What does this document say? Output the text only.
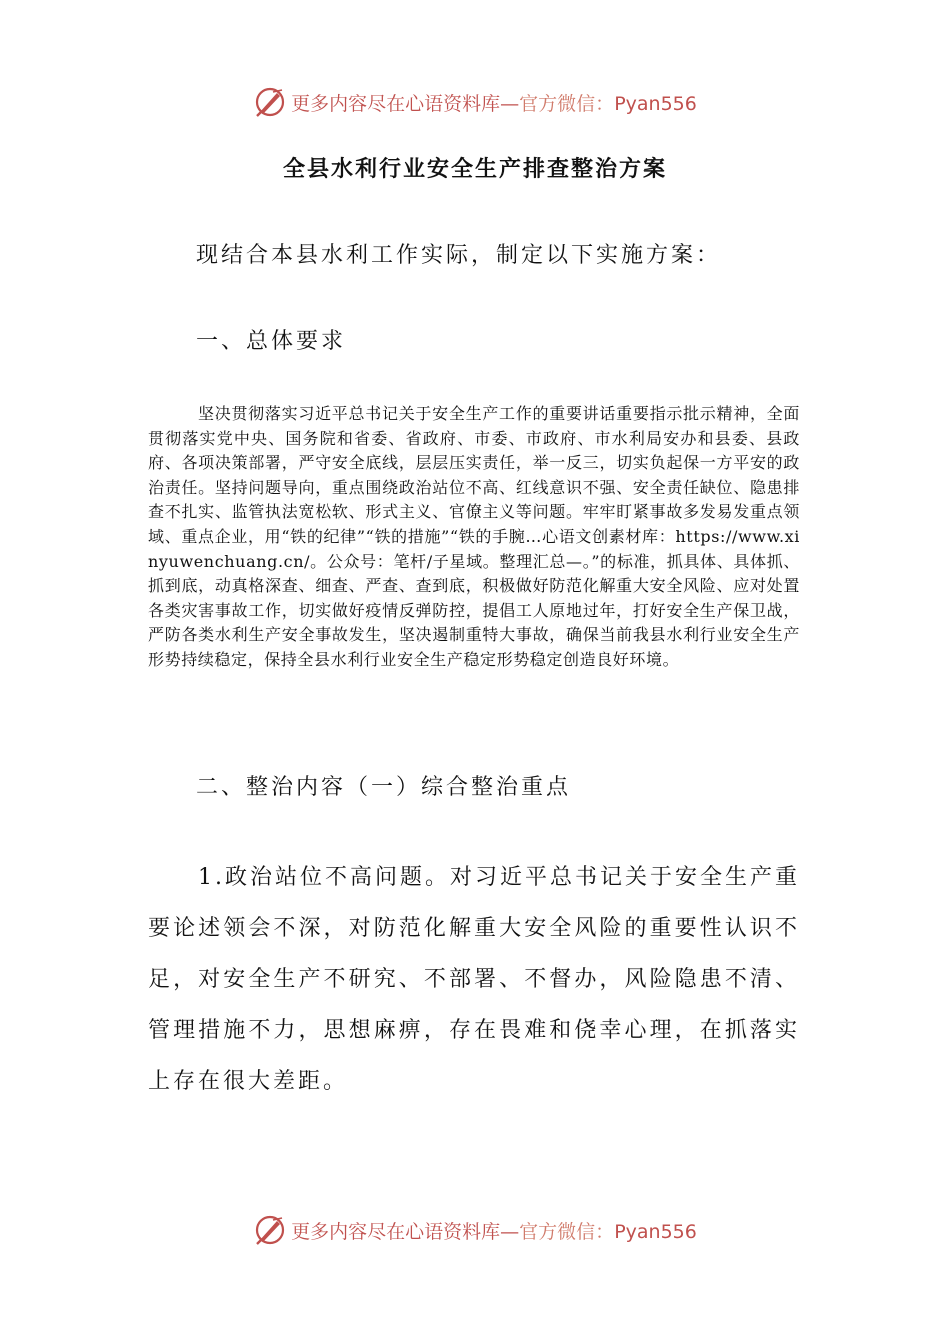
更多内容尽在心语资料库—官方微信：Pyan556
全县水利行业安全生产排查整治方案
现结合本县水利工作实际，制定以下实施方案：
一、总体要求
坚决贯彻落实习近平总书记关于安全生产工作的重要讲话重要指示批示精神，全面贯彻落实党中央、国务院和省委、省政府、市委、市政府、市水利局安办和县委、县政府、各项决策部署，严守安全底线，层层压实责任，举一反三，切实负起保一方平安的政治责任。坚持问题导向，重点围绕政治站位不高、红线意识不强、安全责任缺位、隐患排查不扎实、监管执法宽松软、形式主义、官僚主义等问题。牢牢盯紧事故多发易发重点领域、重点企业，用“铁的纪律”“铁的措施”“铁的手腕…心语文创素材库：https://www.xinyuwenchuang.cn/。公众号：笔杆/子星域。整理汇总—。”的标准，抓具体、具体抓、抓到底，动真格深查、细查、严查、查到底，积极做好防范化解重大安全风险、应对处置各类灾害事故工作，切实做好疫情反弹防控，提倡工人原地过年，打好安全生产保卫战，严防各类水利生产安全事故发生，坚决遏制重特大事故，确保当前我县水利行业安全生产形势持续稳定，保持全县水利行业安全生产稳定形势稳定创造良好环境。
二、整治内容（一）综合整治重点
1.政治站位不高问题。对习近平总书记关于安全生产重要论述领会不深，对防范化解重大安全风险的重要性认识不足，对安全生产不研究、不部署、不督办，风险隐患不清、管理措施不力，思想麻痹，存在畏难和侥幸心理，在抓落实上存在很大差距。
更多内容尽在心语资料库—官方微信：Pyan556
